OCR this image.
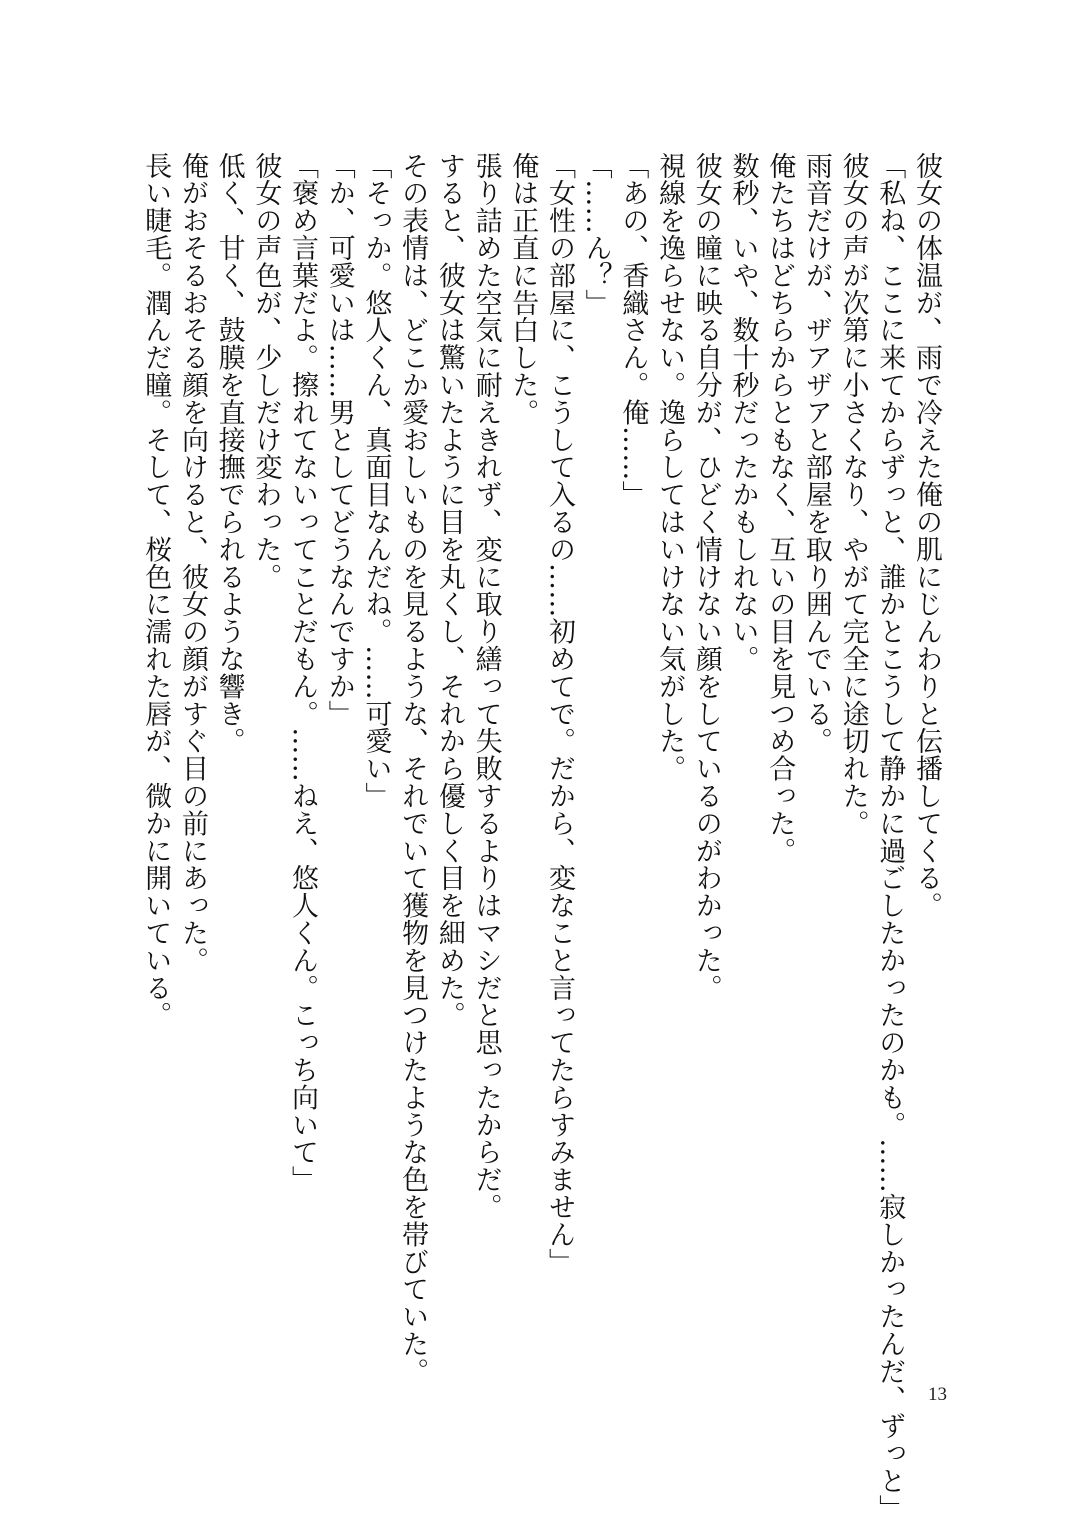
彼女の体温が、雨で冷えた俺の肌にじんわりと伝播してくる。
「私ね、ここに来てからずっと、誰かとこうして静かに過ごしたかったのかも。……寂しかったんだ、ずっと」
彼女の声が次第に小さくなり、やがて完全に途切れた。
雨音だけが、ザアザアと部屋を取り囲んでいる。
俺たちはどちらからともなく、互いの目を見つめ合った。
数秒、いや、数十秒だったかもしれない。
彼女の瞳に映る自分が、ひどく情けない顔をしているのがわかった。
視線を逸らせない。逸らしてはいけない気がした。
「あの、香織さん。俺……」
「……ん？」
「女性の部屋に、こうして入るの……初めてで。だから、変なこと言ってたらすみません」
俺は正直に告白した。
張り詰めた空気に耐えきれず、変に取り繕って失敗するよりはマシだと思ったからだ。
すると、彼女は驚いたように目を丸くし、それから優しく目を細めた。
その表情は、どこか愛おしいものを見るような、それでいて獲物を見つけたような色を帯びていた。
「そっか。悠人くん、真面目なんだね。……可愛い」
「か、可愛いは……男としてどうなんですか」
「褒め言葉だよ。擦れてないってことだもん。……ねえ、悠人くん。こっち向いて」
彼女の声色が、少しだけ変わった。
低く、甘く、鼓膜を直接撫でられるような響き。
俺がおそるおそる顔を向けると、彼女の顔がすぐ目の前にあった。
長い睫毛。潤んだ瞳。そして、桜色に濡れた唇が、微かに開いている。
13
